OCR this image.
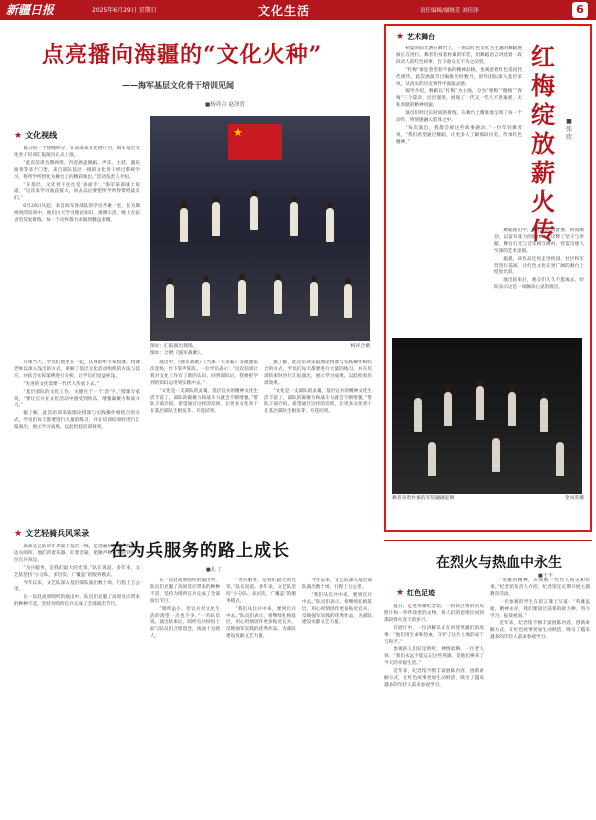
新疆日报	2025年6月29日 星期日	文化生活	责任编辑/谢继芳 刘佳泽	6
点亮播向海疆的“文化火种”
——海军基层文化骨干培训见闻
■杨祥合 赵泽普
★ 文化视线

夏日的一个傍晚时分，在南部某文化展厅内，海军基层文化骨干培训汇报演出正式上演。

“此次培训为期两周，内容涵盖舞蹈、声乐、主持、器乐演奏等多个门类，来自部队基层一线的文化骨干经过系统学习，将所学所悟化为舞台上的精彩演出。”活动负责人介绍。

“在基层，文化骨干往往是‘多面手’。”海军某部战士说道，“这次来学习收获很大，回去以后要把所学所得带给战友们。”

6月29日从起，来自海军各部队的学员齐聚一堂，在为期两周的培训中，他们白天学习理论知识、观摩示范，晚上在宿舍里反复排练，每一个动作都力求做到精益求精。

★
图①：汇报演出现场。
图②：合唱《强军战歌》。
杨祥合摄

开课当天，学员们围坐在一起，认真聆听专家授课。授课老师以深入浅出的方式，讲解了基层文化活动组织的方法与技巧，并结合实际案例进行分析，让学员们受益匪浅。

“先进的文化需要一代代人传承下去。”

“基层部队的文化工作，关键在于一个‘活’字。”授课专家说，“要让官兵在文化活动中感受到快乐，增强凝聚力和战斗力。”

据了解，此次培训采取理论授课与实践操作相结合的方式，学员们每天都要进行大量的练习，并在培训结束时进行汇报演出，展示学习成果，以此检验培训效果。

演出中，《强军战歌》《当那一天来临》等歌曲依次登场，台下掌声阵阵。一位学员表示：“这次培训让我对文化工作有了新的认识，回到部队后，我要把学到的知识运用到实践中去。”

“文化是一支部队的灵魂，基层官兵的精神文化生活丰富了，部队的凝聚力和战斗力就会不断增强。”带队干部介绍，希望通过这样的培训，让更多文化骨干在基层部队生根发芽、开花结果。

据了解，此次培训采取理论授课与实践操作相结合的方式，学员们每天都要进行大量的练习，并在培训结束时进行汇报演出，展示学习成果，以此检验培训效果。

“文化是一支部队的灵魂，基层官兵的精神文化生活丰富了，部队的凝聚力和战斗力就会不断增强。”带队干部介绍，希望通过这样的培训，让更多文化骨干在基层部队生根发芽、开花结果。

★ 艺术舞台
红梅绽放薪火传
■张欣

初夏的阳光洒在舞台上，一场以红色文化为主题的舞蹈展演正在进行。舞者们身着朴素的军装，用舞蹈语言讲述着一段段动人的红色故事，台下观众无不为之动容。

“红梅”象征着坚韧不拔的精神品格，也寓意着红色基因代代相传。此次展演节目编排历时数月，创作团队深入基层采风，从真实的历史事件中汲取灵感。

编导介绍，舞蹈以“红梅”为主线，分为“寒梅”“傲梅”“春梅”三个篇章，层层递进，展现了一代又一代人不畏艰难、无私奉献的精神风貌。

演员们经过长时间的排练，在舞台上精准地呈现了每一个动作，将情感融入肢体之中。

“每次演出，我都会被这些故事感动。”一位年轻舞者说，“我们希望通过舞蹈，让更多人了解那段历史，传承红色精神。”

舞蹈演出中，演员们时而舒展、时而刚劲，以富有张力的肢体动作诠释了坚守与奉献，舞台灯光与音乐相互映衬，营造出感人至深的艺术氛围。

据悉，该作品还将走进校园、社区和军营进行巡演，让红色文化在更广阔的舞台上绽放光彩。

演出结束后，观众们久久不愿离去，纷纷表示这是一场触动心灵的演出。

舞者身着朴素的军装翩翩起舞	金凤英摄
★ 文艺轻骑兵风采录

某部文艺队常年奔波于基层一线，足迹遍布高原、海岛、边关哨所。他们背着乐器、扛着音箱，把歌声和欢笑送到每一位官兵身边。

“为兵服务，是我们最大的光荣。”队长说道。多年来，文艺队坚持“小分队、多层次、广覆盖”的服务模式。

今年以来，文艺队深入基层部队演出数十场，行程上万公里。

在一次赴高原哨所的演出中，队员们克服了高原反应带来的种种不适，坚持为哨所官兵完成了全部演出节目。

在为兵服务的路上成长
■孔 丁

在一次赴高原哨所的演出中，队员们克服了高原反应带来的种种不适，坚持为哨所官兵完成了全部演出节目。

“哨所虽小，但官兵对文化生活的渴望一点也不少。”一名队员说。演出结束后，哨所官兵纷纷上前与队员们合影留念，场面十分感人。

“为兵服务，是我们最大的光荣。”队长说道。多年来，文艺队坚持“小分队、多层次、广覆盖”的服务模式。

“我们从官兵中来，要到官兵中去。”队员们表示，将继续扎根基层，用心用情创作更多贴近官兵、反映强军实践的优秀作品，为部队建设贡献文艺力量。

今年以来，文艺队深入基层部队演出数十场，行程上万公里。

“我们从官兵中来，要到官兵中去。”队员们表示，将继续扎根基层，用心用情创作更多贴近官兵、反映强军实践的优秀作品，为部队建设贡献文艺力量。

在烈火与热血中永生
■王丰
★ 红色足迹

夏日，走进英雄纪念馆，一段段泛黄的历史照片和一件件珍贵的文物，将人们的思绪拉回到那段烽火连天的岁月。

在展厅中，一位讲解员正在讲述英雄们的故事：“他们用生命和热血，守护了这片土地的安宁与和平。”

参观的人们驻足聆听，神情肃穆。一位老人说：“我们永远不能忘记这些英雄，是他们换来了今天的幸福生活。”

近年来，纪念馆不断丰富展陈内容，创新讲解方式，让红色故事更加生动鲜活，吸引了越来越多的年轻人前来参观学习。

“英雄的精神，应该被一代代人铭记和传承。”纪念馆负责人介绍，纪念馆还定期开展主题教育活动。

一名参观的学生在留言簿上写道：“英雄虽逝，精神永存，我们要接过前辈的接力棒，努力学习，报效祖国。”

近年来，纪念馆不断丰富展陈内容，创新讲解方式，让红色故事更加生动鲜活，吸引了越来越多的年轻人前来参观学习。
